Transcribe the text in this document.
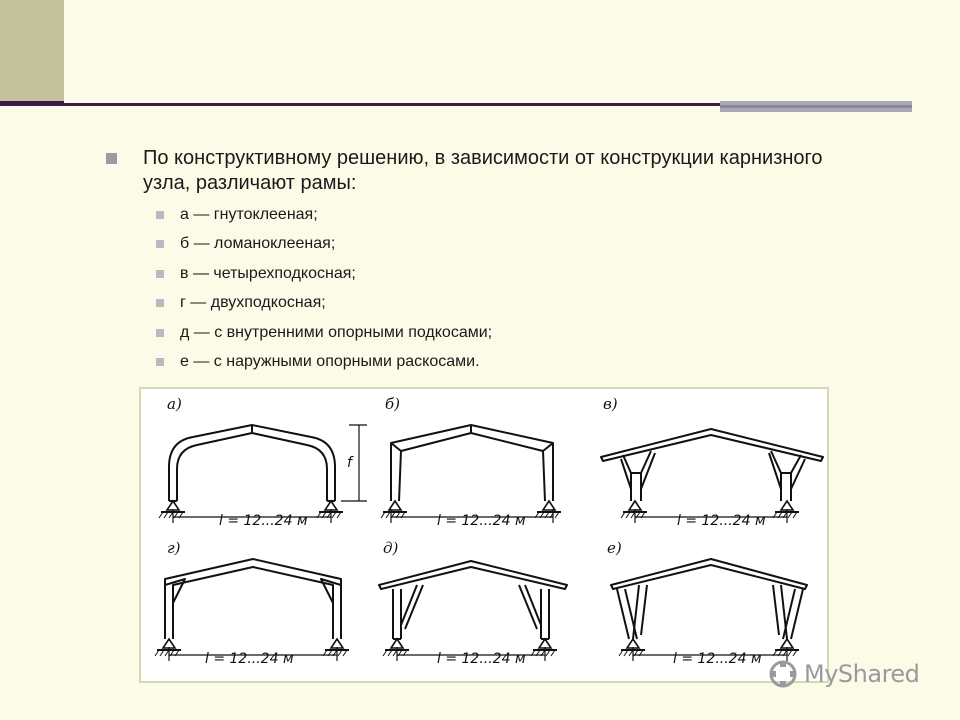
По конструктивному решению, в зависимости от конструкции карнизного узла, различают рамы:
а — гнутоклееная;
б — ломаноклееная;
в — четырехподкосная;
г — двухподкосная;
д — с внутренними опорными подкосами;
е — с наружными опорными раскосами.
а)	б)	в)
г)	д)	е)
l = 12...24 м	l = 12...24 м	l = 12...24 м
l = 12...24 м	l = 12...24 м	l = 12...24 м
f
MyShared
